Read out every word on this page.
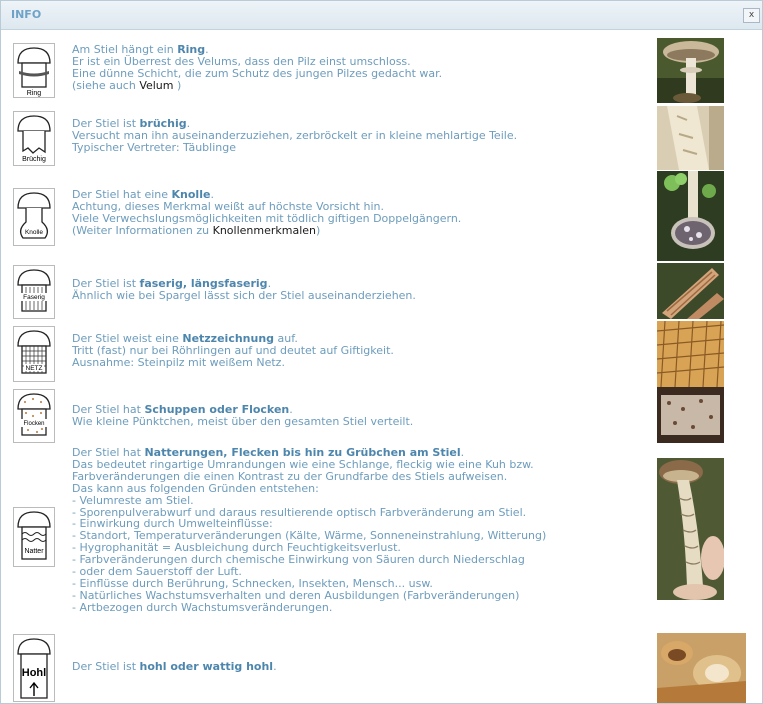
INFO	x
Ring

Am Stiel hängt ein Ring.

Er ist ein Überrest des Velums, dass den Pilz einst umschloss.

Eine dünne Schicht, die zum Schutz des jungen Pilzes gedacht war.

(siehe auch Velum )

Brüchig

Der Stiel ist brüchig.

Versucht man ihn auseinanderzuziehen, zerbröckelt er in kleine mehlartige Teile.

Typischer Vertreter: Täublinge

Knolle

Der Stiel hat eine Knolle.

Achtung, dieses Merkmal weißt auf höchste Vorsicht hin.

Viele Verwechslungsmöglichkeiten mit tödlich giftigen Doppelgängern.

(Weiter Informationen zu Knollenmerkmalen)

Faserig

Der Stiel ist faserig, längsfaserig.

Ähnlich wie bei Spargel lässt sich der Stiel auseinanderziehen.

NETZ

Der Stiel weist eine Netzzeichnung auf.

Tritt (fast) nur bei Röhrlingen auf und deutet auf Giftigkeit.

Ausnahme: Steinpilz mit weißem Netz.

Flocken

Der Stiel hat Schuppen oder Flocken.

Wie kleine Pünktchen, meist über den gesamten Stiel verteilt.

Natter

Der Stiel hat Natterungen, Flecken bis hin zu Grübchen am Stiel.

Das bedeutet ringartige Umrandungen wie eine Schlange, fleckig wie eine Kuh bzw.

Farbveränderungen die einen Kontrast zu der Grundfarbe des Stiels aufweisen.

Das kann aus folgenden Gründen entstehen:

- Velumreste am Stiel.

- Sporenpulverabwurf und daraus resultierende optisch Farbveränderung am Stiel.

- Einwirkung durch Umwelteinflüsse:

- Standort, Temperaturveränderungen (Kälte, Wärme, Sonneneinstrahlung, Witterung)

- Hygrophanität = Ausbleichung durch Feuchtigkeitsverlust.

- Farbveränderungen durch chemische Einwirkung von Säuren durch Niederschlag

- oder dem Sauerstoff der Luft.

- Einflüsse durch Berührung, Schnecken, Insekten, Mensch... usw.

- Natürliches Wachstumsverhalten und deren Ausbildungen (Farbveränderungen)

- Artbezogen durch Wachstumsveränderungen.

Hohl Der Stiel ist hohl oder wattig hohl.
